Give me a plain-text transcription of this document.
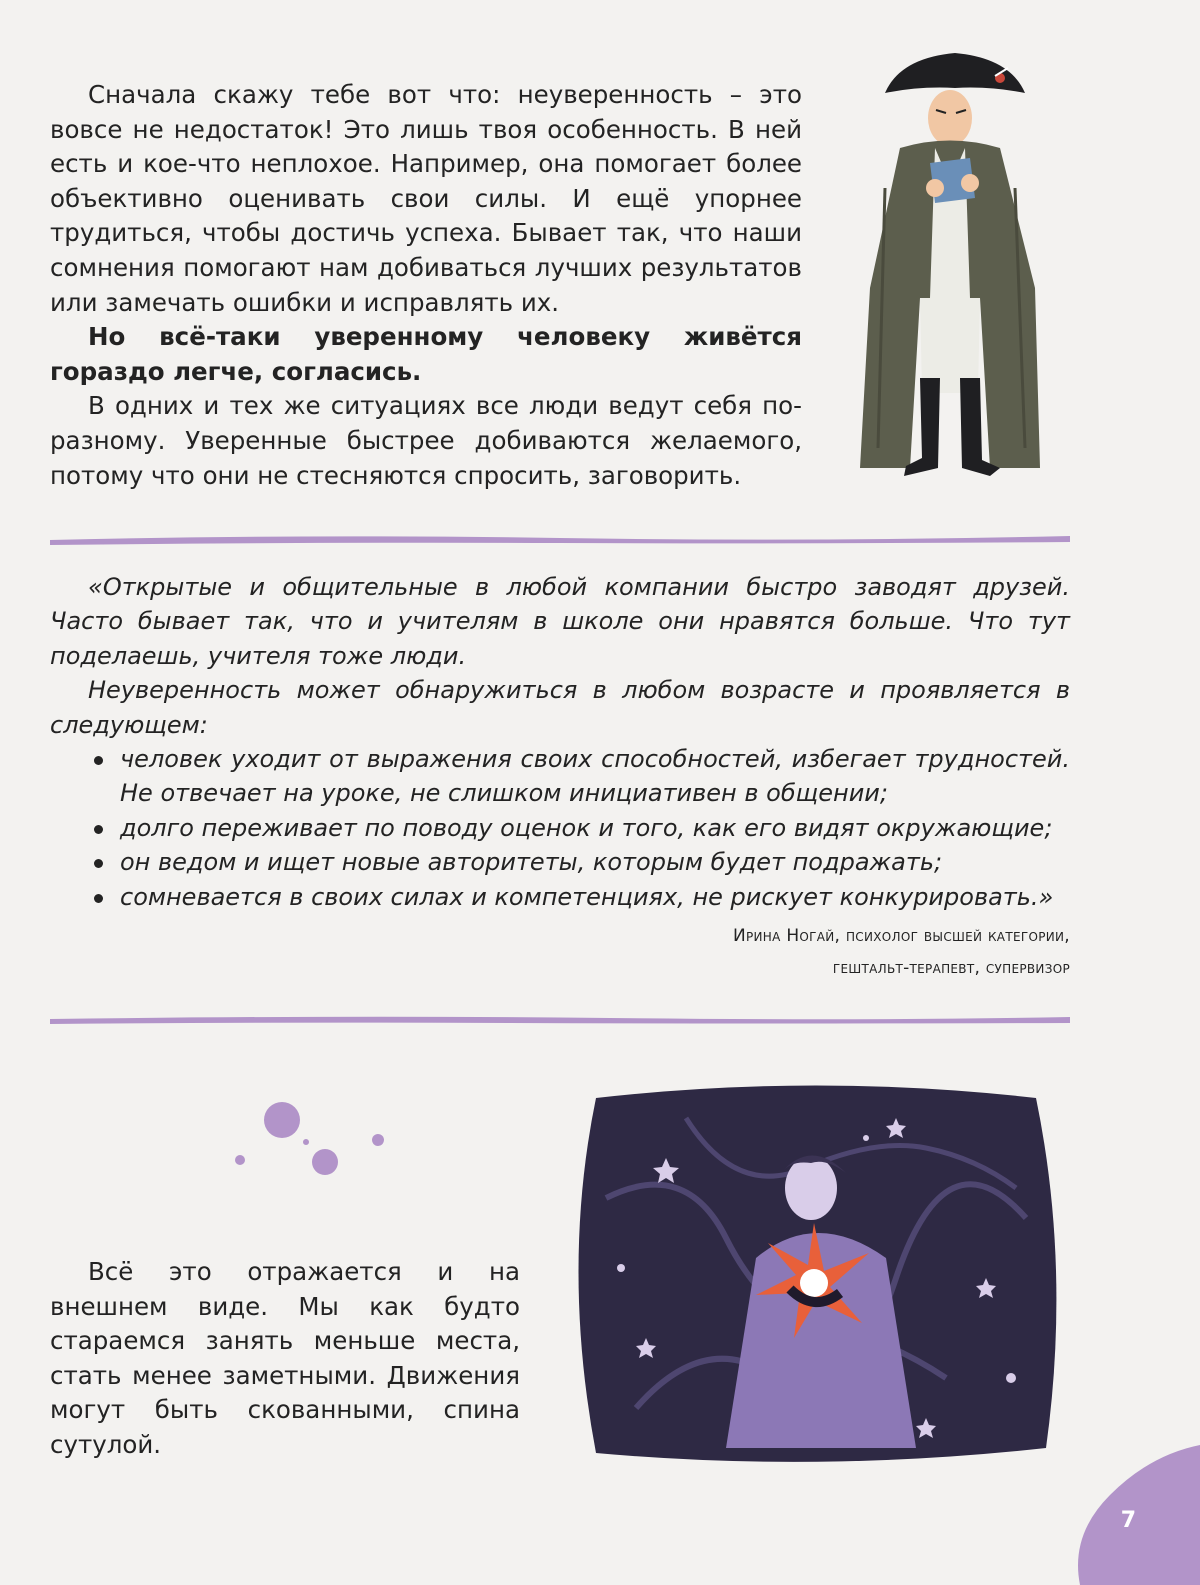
Сначала скажу тебе вот что: неуверенность – это вовсе не недостаток! Это лишь твоя особенность. В ней есть и кое-что неплохое. Например, она помогает более объективно оценивать свои силы. И ещё упорнее трудиться, чтобы достичь успеха. Бывает так, что наши сомнения помогают нам добиваться лучших результатов или замечать ошибки и исправлять их.

Но всё-таки уверенному человеку живётся гораздо легче, согласись.

В одних и тех же ситуациях все люди ведут себя по-разному. Уверенные быстрее добиваются желаемого, потому что они не стесняются спросить, заговорить.

«Открытые и общительные в любой компании быстро заводят друзей. Часто бывает так, что и учителям в школе они нравятся больше. Что тут поделаешь, учителя тоже люди.

Неуверенность может обнаружиться в любом возрасте и проявляется в следующем:

человек уходит от выражения своих способностей, избегает трудностей. Не отвечает на уроке, не слишком инициативен в общении;
долго переживает по поводу оценок и того, как его видят окружающие;
он ведом и ищет новые авторитеты, которым будет подражать;
сомневается в своих силах и компетенциях, не рискует конкурировать.»
Ирина Ногай, психолог высшей категории,
гештальт-терапевт, супервизор

Всё это отражается и на внешнем виде. Мы как будто стараемся занять меньше места, стать менее заметными. Движения могут быть скованными, спина сутулой.

7
